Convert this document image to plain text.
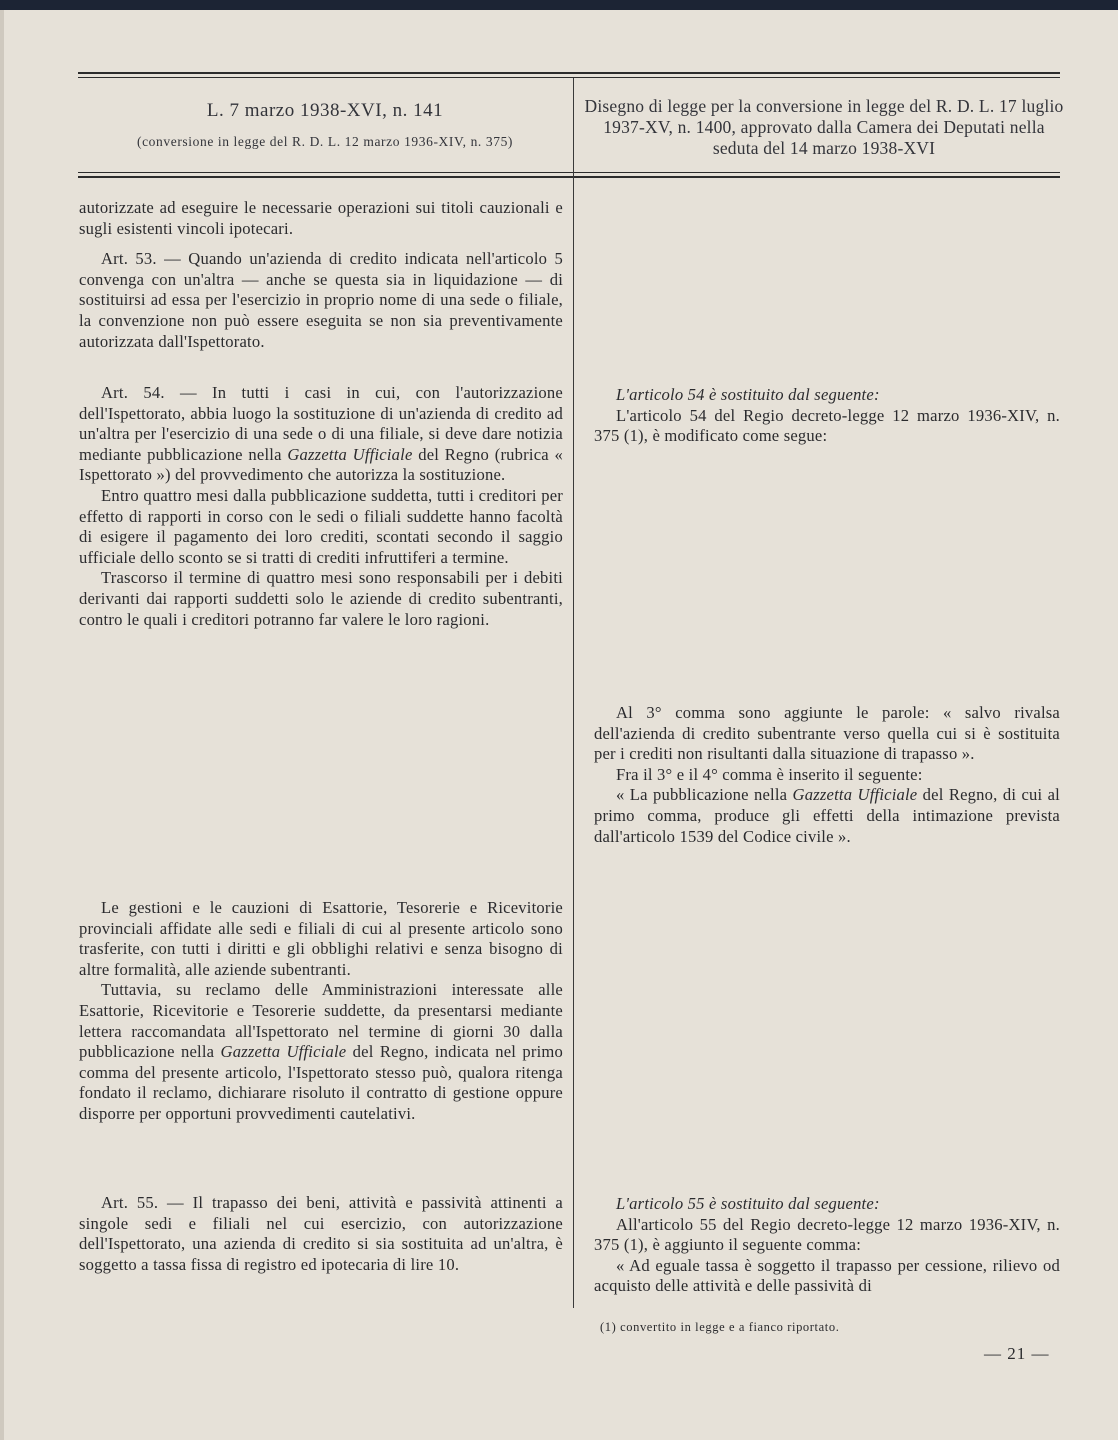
L. 7 marzo 1938-XVI, n. 141
(conversione in legge del R. D. L. 12 marzo 1936-XIV, n. 375)
Disegno di legge per la conversione in legge del R. D. L. 17 luglio 1937-XV, n. 1400, approvato dalla Camera dei Deputati nella seduta del 14 marzo 1938-XVI

autorizzate ad eseguire le necessarie operazioni sui titoli cauzionali e sugli esistenti vincoli ipotecari.

Art. 53. — Quando un'azienda di credito indicata nell'articolo 5 convenga con un'altra — anche se questa sia in liquidazione — di sostituirsi ad essa per l'esercizio in proprio nome di una sede o filiale, la convenzione non può essere eseguita se non sia preventivamente autorizzata dall'Ispettorato.

Art. 54. — In tutti i casi in cui, con l'autorizzazione dell'Ispettorato, abbia luogo la sostituzione di un'azienda di credito ad un'altra per l'esercizio di una sede o di una filiale, si deve dare notizia mediante pubblicazione nella Gazzetta Ufficiale del Regno (rubrica « Ispettorato ») del provvedimento che autorizza la sostituzione.

Entro quattro mesi dalla pubblicazione suddetta, tutti i creditori per effetto di rapporti in corso con le sedi o filiali suddette hanno facoltà di esigere il pagamento dei loro crediti, scontati secondo il saggio ufficiale dello sconto se si tratti di crediti infruttiferi a termine.

Trascorso il termine di quattro mesi sono responsabili per i debiti derivanti dai rapporti suddetti solo le aziende di credito subentranti, contro le quali i creditori potranno far valere le loro ragioni.

Le gestioni e le cauzioni di Esattorie, Tesorerie e Ricevitorie provinciali affidate alle sedi e filiali di cui al presente articolo sono trasferite, con tutti i diritti e gli obblighi relativi e senza bisogno di altre formalità, alle aziende subentranti.

Tuttavia, su reclamo delle Amministrazioni interessate alle Esattorie, Ricevitorie e Tesorerie suddette, da presentarsi mediante lettera raccomandata all'Ispettorato nel termine di giorni 30 dalla pubblicazione nella Gazzetta Ufficiale del Regno, indicata nel primo comma del presente articolo, l'Ispettorato stesso può, qualora ritenga fondato il reclamo, dichiarare risoluto il contratto di gestione oppure disporre per opportuni provvedimenti cautelativi.

Art. 55. — Il trapasso dei beni, attività e passività attinenti a singole sedi e filiali nel cui esercizio, con autorizzazione dell'Ispettorato, una azienda di credito si sia sostituita ad un'altra, è soggetto a tassa fissa di registro ed ipotecaria di lire 10.

L'articolo 54 è sostituito dal seguente:

L'articolo 54 del Regio decreto-legge 12 marzo 1936-XIV, n. 375 (1), è modificato come segue:

Al 3° comma sono aggiunte le parole: « salvo rivalsa dell'azienda di credito subentrante verso quella cui si è sostituita per i crediti non risultanti dalla situazione di trapasso ».

Fra il 3° e il 4° comma è inserito il seguente:

« La pubblicazione nella Gazzetta Ufficiale del Regno, di cui al primo comma, produce gli effetti della intimazione prevista dall'articolo 1539 del Codice civile ».

L'articolo 55 è sostituito dal seguente:

All'articolo 55 del Regio decreto-legge 12 marzo 1936-XIV, n. 375 (1), è aggiunto il seguente comma:

« Ad eguale tassa è soggetto il trapasso per cessione, rilievo od acquisto delle attività e delle passività di

(1) convertito in legge e a fianco riportato.
— 21 —
